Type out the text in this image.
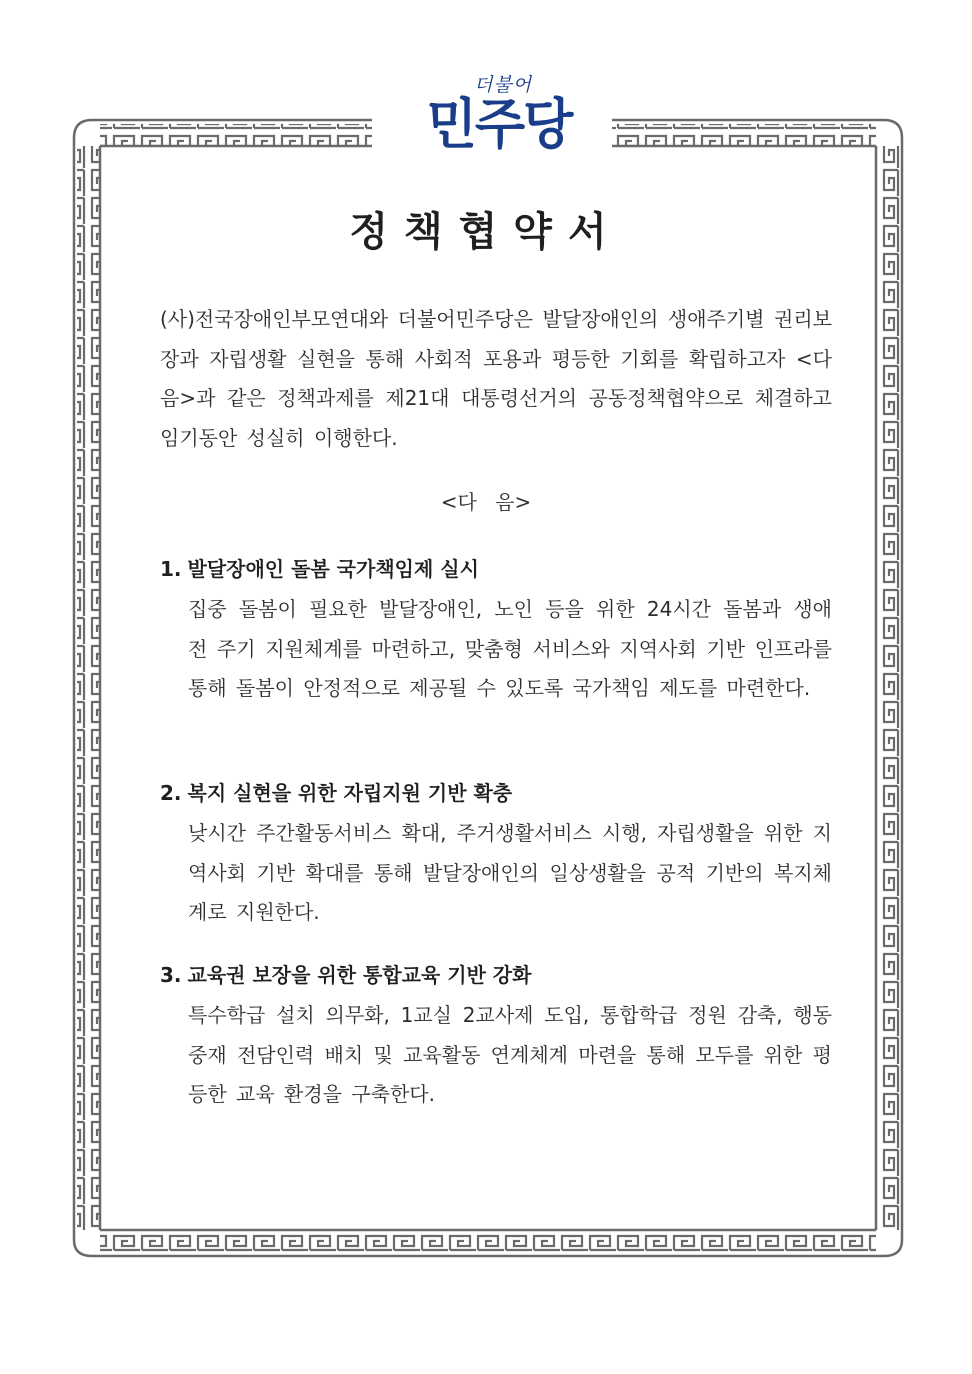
더불어
민주당
정책협약서
(사)전국장애인부모연대와 더불어민주당은 발달장애인의 생애주기별 권리보장과 자립생활 실현을 통해 사회적 포용과 평등한 기회를 확립하고자 <다 음>과 같은 정책과제를 제21대 대통령선거의 공동정책협약으로 체결하고 임기동안 성실히 이행한다.
<다 음>
1. 발달장애인 돌봄 국가책임제 실시

집중 돌봄이 필요한 발달장애인, 노인 등을 위한 24시간 돌봄과 생애 전 주기 지원체계를 마련하고, 맞춤형 서비스와 지역사회 기반 인프라를 통해 돌봄이 안정적으로 제공될 수 있도록 국가책임 제도를 마련한다.

2. 복지 실현을 위한 자립지원 기반 확충

낮시간 주간활동서비스 확대, 주거생활서비스 시행, 자립생활을 위한 지역사회 기반 확대를 통해 발달장애인의 일상생활을 공적 기반의 복지체계로 지원한다.

3. 교육권 보장을 위한 통합교육 기반 강화

특수학급 설치 의무화, 1교실 2교사제 도입, 통합학급 정원 감축, 행동중재 전담인력 배치 및 교육활동 연계체계 마련을 통해 모두를 위한 평등한 교육 환경을 구축한다.
